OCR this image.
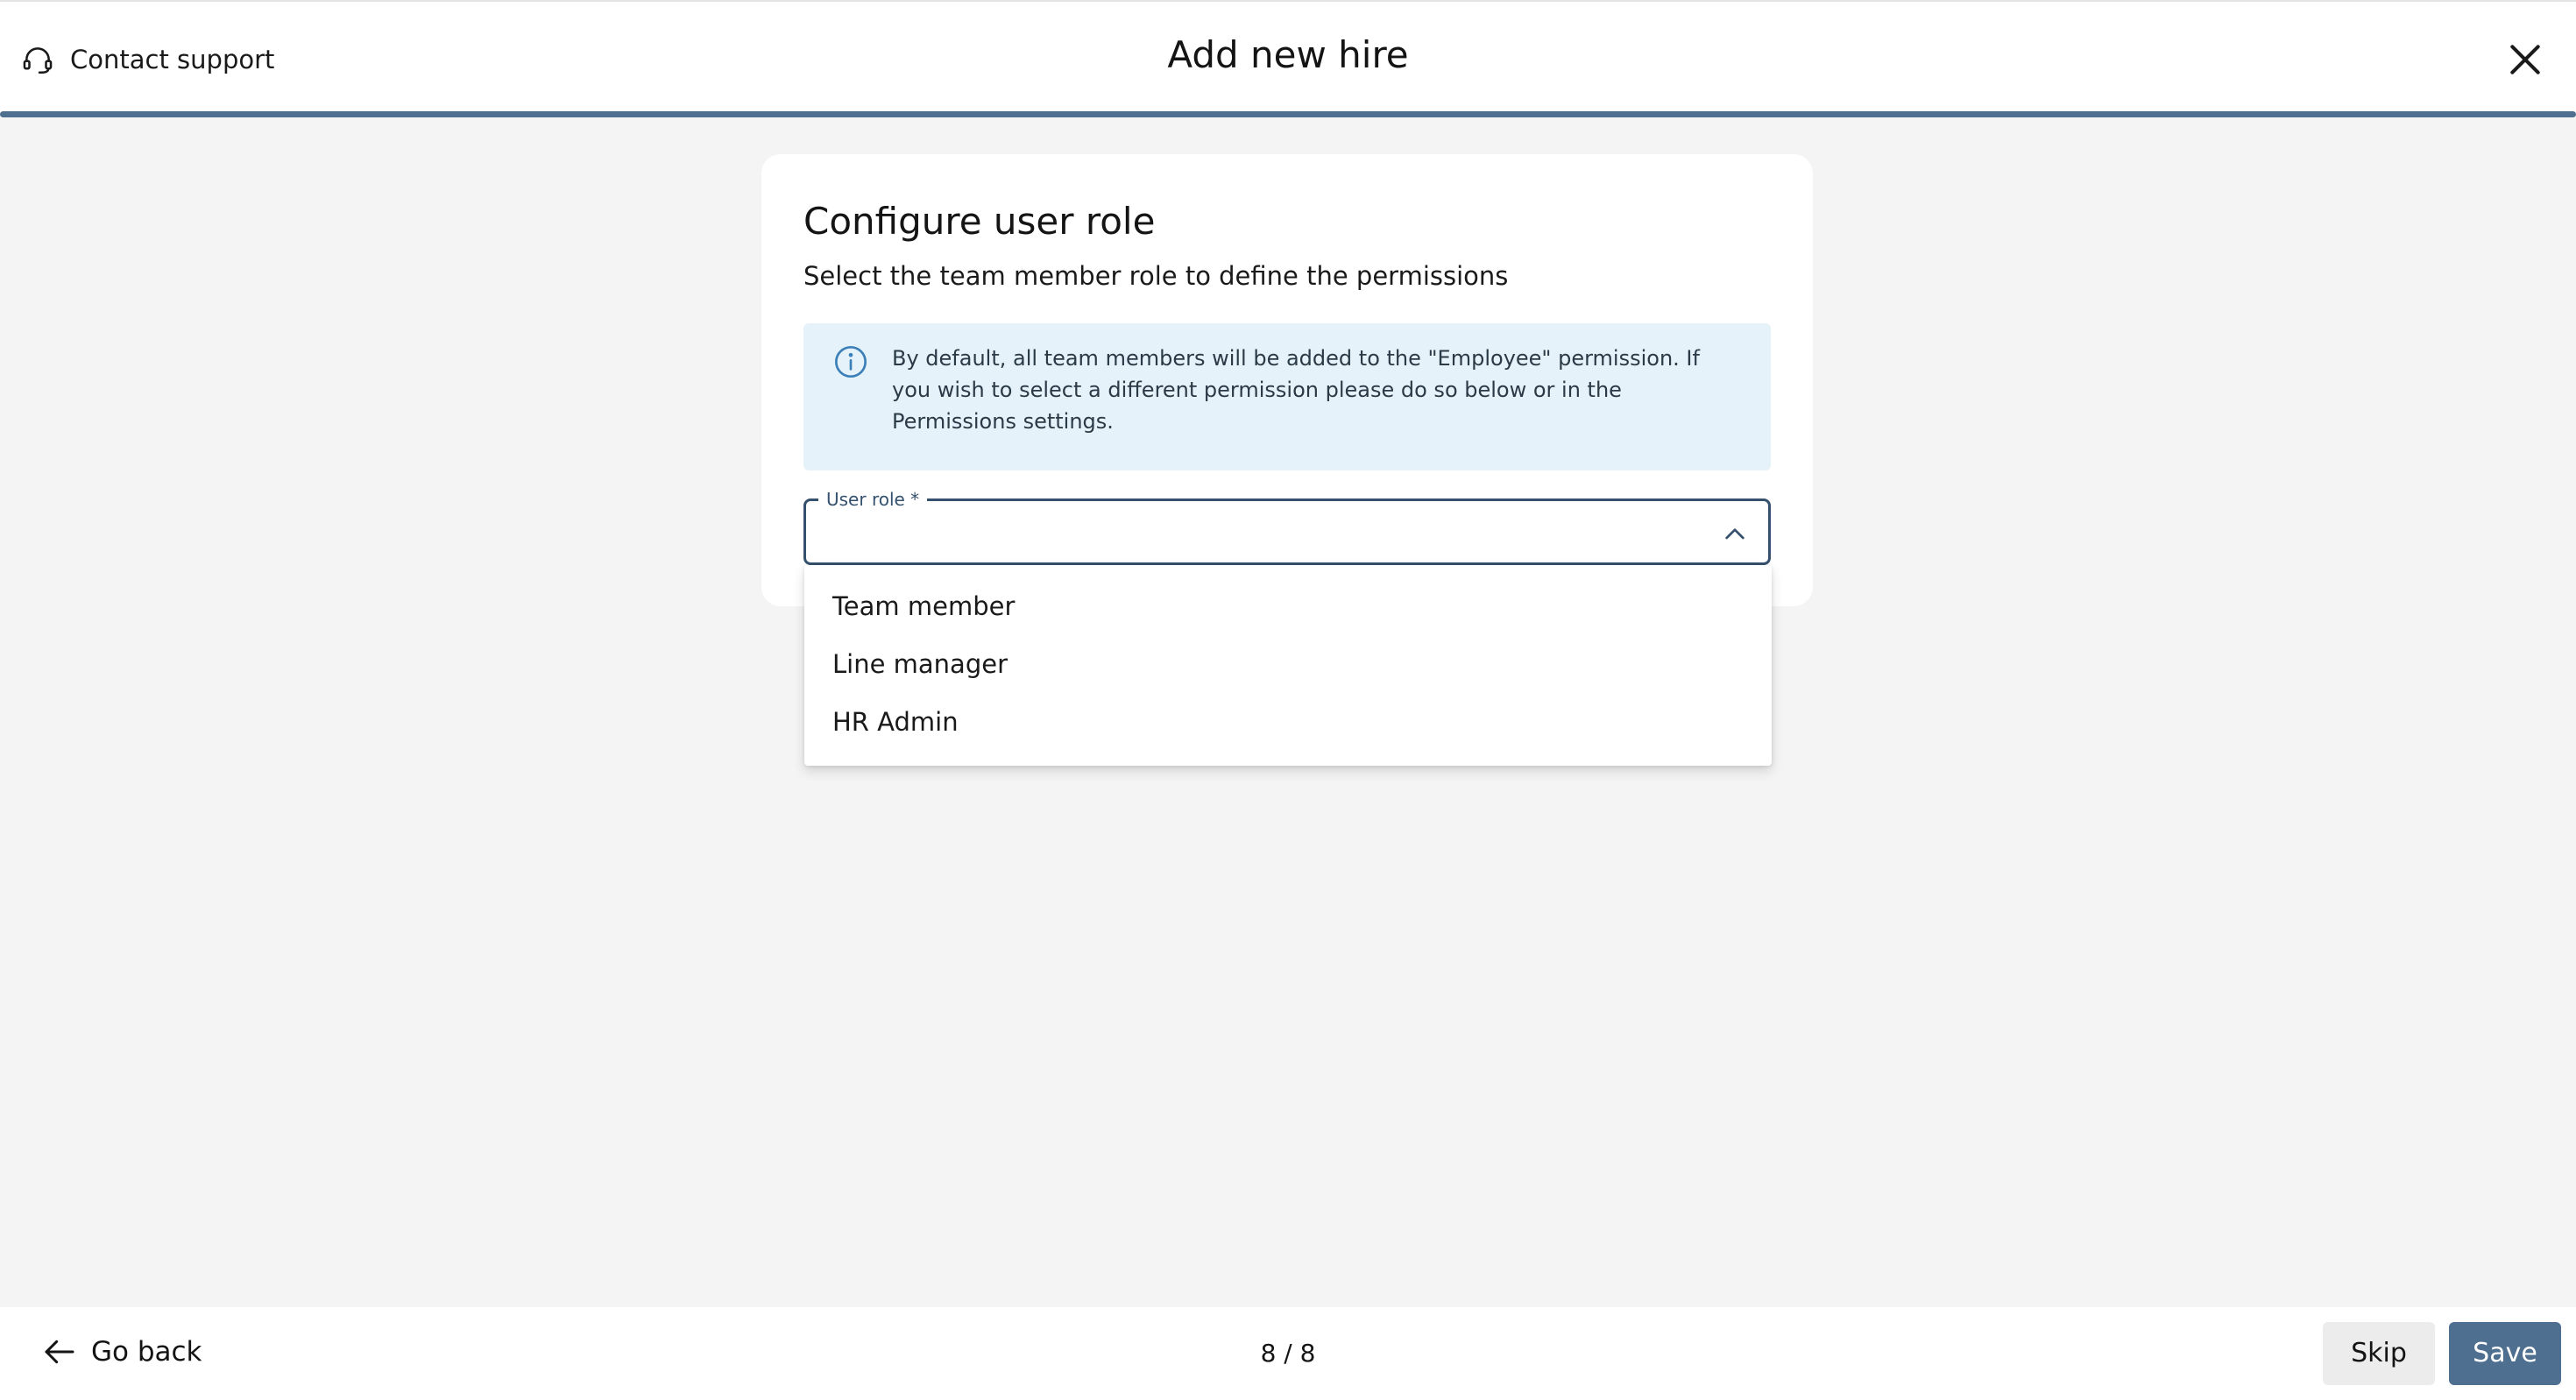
Contact support	Add new hire
Configure user role
Select the team member role to define the permissions
By default, all team members will be added to the "Employee" permission. If you wish to select a different permission please do so below or in the Permissions settings.
User role *
Team member
Line manager
HR Admin
Go back	8 / 8	Skip	Save
